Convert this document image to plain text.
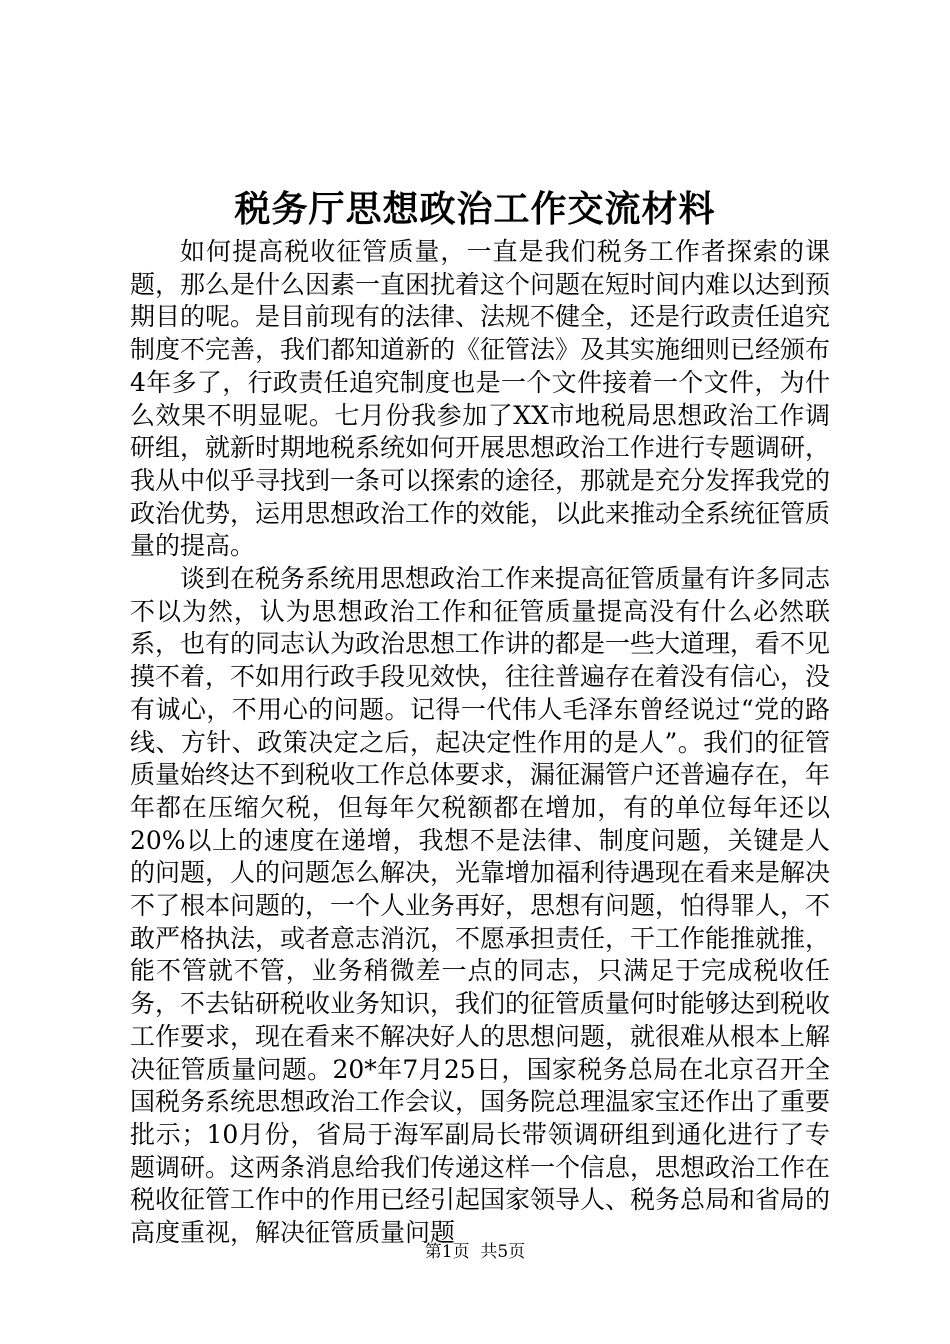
税务厅思想政治工作交流材料

如何提高税收征管质量，一直是我们税务工作者探索的课题，那么是什么因素一直困扰着这个问题在短时间内难以达到预期目的呢。是目前现有的法律、法规不健全，还是行政责任追究制度不完善，我们都知道新的《征管法》及其实施细则已经颁布4年多了，行政责任追究制度也是一个文件接着一个文件，为什么效果不明显呢。七月份我参加了XX市地税局思想政治工作调研组，就新时期地税系统如何开展思想政治工作进行专题调研，我从中似乎寻找到一条可以探索的途径，那就是充分发挥我党的政治优势，运用思想政治工作的效能，以此来推动全系统征管质量的提高。

谈到在税务系统用思想政治工作来提高征管质量有许多同志不以为然，认为思想政治工作和征管质量提高没有什么必然联系，也有的同志认为政治思想工作讲的都是一些大道理，看不见摸不着，不如用行政手段见效快，往往普遍存在着没有信心，没有诚心，不用心的问题。记得一代伟人毛泽东曾经说过“党的路线、方针、政策决定之后，起决定性作用的是人”。我们的征管质量始终达不到税收工作总体要求，漏征漏管户还普遍存在，年年都在压缩欠税，但每年欠税额都在增加，有的单位每年还以20%以上的速度在递增，我想不是法律、制度问题，关键是人的问题，人的问题怎么解决，光靠增加福利待遇现在看来是解决不了根本问题的，一个人业务再好，思想有问题，怕得罪人，不敢严格执法，或者意志消沉，不愿承担责任，干工作能推就推，能不管就不管，业务稍微差一点的同志，只满足于完成税收任务，不去钻研税收业务知识，我们的征管质量何时能够达到税收工作要求，现在看来不解决好人的思想问题，就很难从根本上解决征管质量问题。20*年7月25日，国家税务总局在北京召开全国税务系统思想政治工作会议，国务院总理温家宝还作出了重要批示；10月份，省局于海军副局长带领调研组到通化进行了专题调研。这两条消息给我们传递这样一个信息，思想政治工作在税收征管工作中的作用已经引起国家领导人、税务总局和省局的高度重视，解决征管质量问题

第1页 共5页
